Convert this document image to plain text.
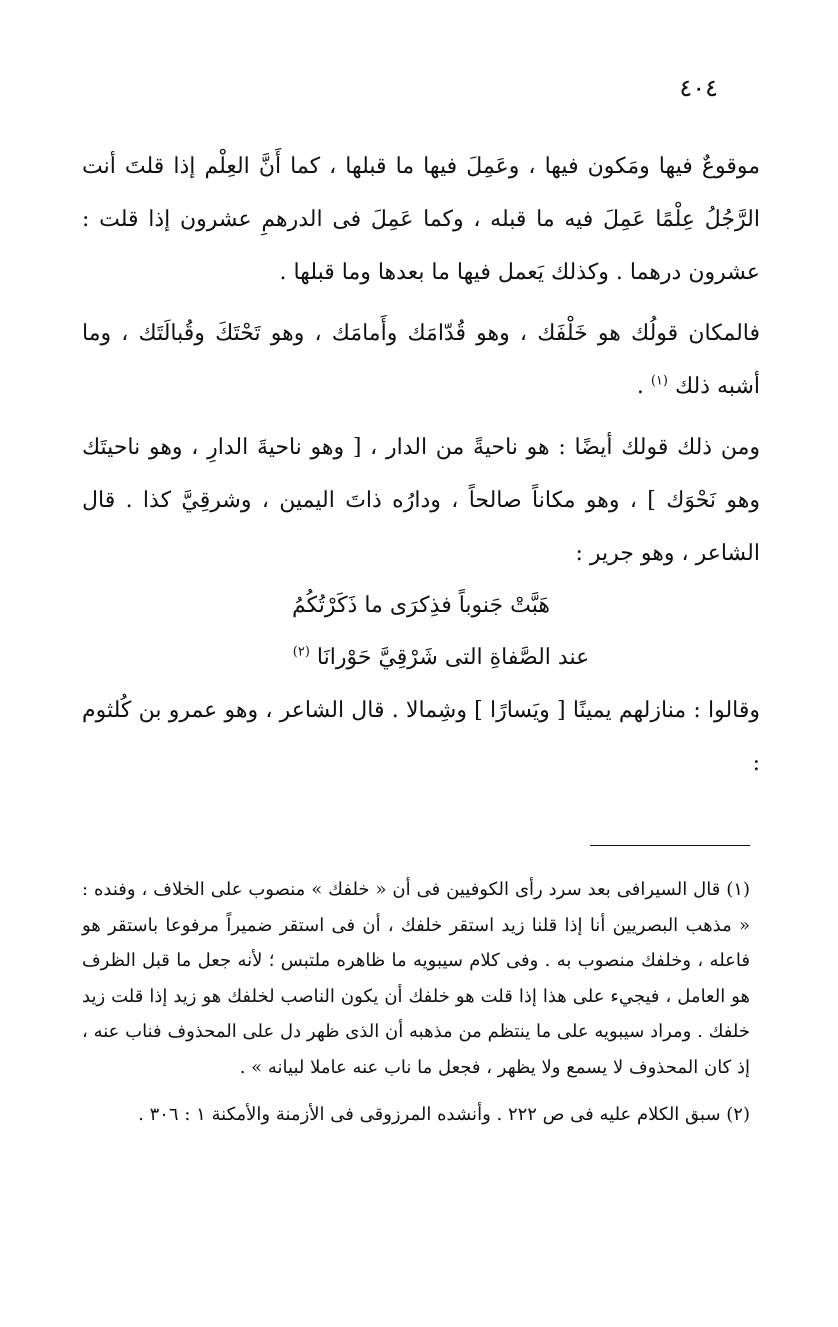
٤٠٤

موقوعٌ فيها ومَكون فيها ، وعَمِلَ فيها ما قبلها ، كما أَنَّ العِلْم إذا قلتَ أنت الرَّجُلُ عِلْمًا عَمِلَ فيه ما قبله ، وكما عَمِلَ فى الدرهمِ عشرون إذا قلت : عشرون درهما . وكذلك يَعمل فيها ما بعدها وما قبلها .

فالمكان قولُك هو خَلْفَك ، وهو قُدّامَك وأَمامَك ، وهو تَحْتَكَ وقُبالَتَك ، وما أشبه ذلك $^{(١)}$ .

ومن ذلك قولك أيضًا : هو ناحيةً من الدار ، [ وهو ناحيةَ الدارِ ، وهو ناحيتَك وهو نَحْوَك ] ، وهو مكاناً صالحاً ، ودارُه ذاتَ اليمين ، وشرقِيَّ كذا . قال الشاعر ، وهو جرير :

هَبَّتْ جَنوباً فذِكرَى ما ذَكَرْتُكُمُ
عند الصَّفاةِ التى شَرْقِيَّ حَوْرانَا $^{(٢)}$

وقالوا : منازلهم يمينًا [ ويَسارًا ] وشِمالا . قال الشاعر ، وهو عمرو بن كُلثوم :

(١) قال السيرافى بعد سرد رأى الكوفيين فى أن « خلفك » منصوب على الخلاف ، وفنده : « مذهب البصريين أنا إذا قلنا زيد استقر خلفك ، أن فى استقر ضميراً مرفوعا باستقر هو فاعله ، وخلفك منصوب به . وفى كلام سيبويه ما ظاهره ملتبس ؛ لأنه جعل ما قبل الظرف هو العامل ، فيجيء على هذا إذا قلت هو خلفك أن يكون الناصب لخلفك هو زيد إذا قلت زيد خلفك . ومراد سيبويه على ما ينتظم من مذهبه أن الذى ظهر دل على المحذوف فناب عنه ، إذ كان المحذوف لا يسمع ولا يظهر ، فجعل ما ناب عنه عاملا لبيانه » .

(٢) سبق الكلام عليه فى ص ٢٢٢ . وأنشده المرزوقى فى الأزمنة والأمكنة ١ : ٣٠٦ .
